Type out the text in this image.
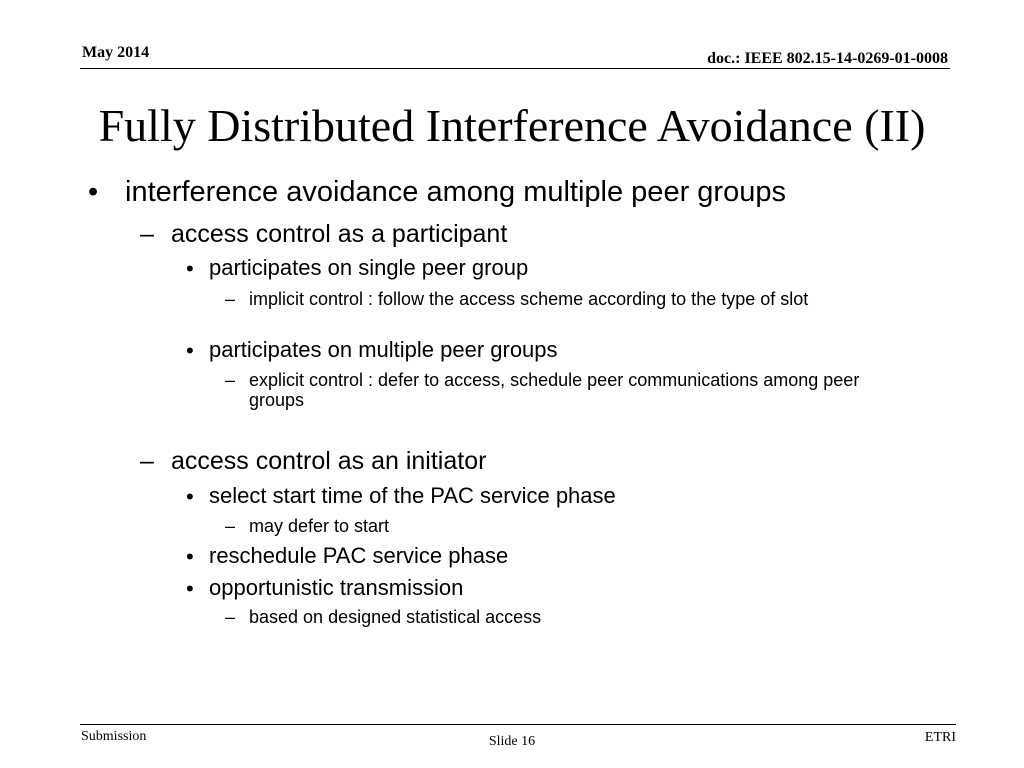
May 2014	doc.: IEEE 802.15-14-0269-01-0008
Fully Distributed Interference Avoidance (II)
• interference avoidance among multiple peer groups
– access control as a participant
• participates on single peer group
– implicit control : follow the access scheme according to the type of slot
• participates on multiple peer groups
– explicit control : defer to access, schedule peer communications among peer groups
– access control as an initiator
• select start time of the PAC service phase
– may defer to start
• reschedule PAC service phase
• opportunistic transmission
– based on designed statistical access
Submission	Slide 16	ETRI
